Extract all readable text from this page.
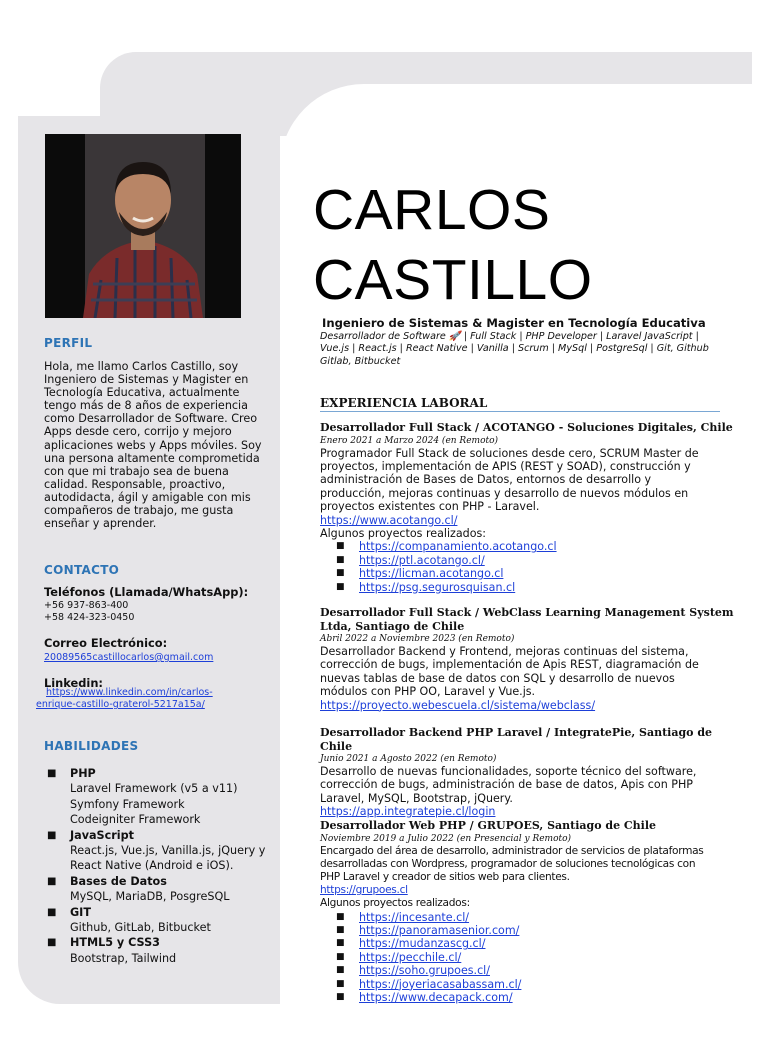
PERFIL
Hola, me llamo Carlos Castillo, soy Ingeniero de Sistemas y Magister en Tecnología Educativa, actualmente tengo más de 8 años de experiencia como Desarrollador de Software. Creo Apps desde cero, corrijo y mejoro aplicaciones webs y Apps móviles. Soy una persona altamente comprometida con que mi trabajo sea de buena calidad. Responsable, proactivo, autodidacta, ágil y amigable con mis compañeros de trabajo, me gusta enseñar y aprender.
CONTACTO
Teléfonos (Llamada/WhatsApp):
+56 937-863-400
+58 424-323-0450
Correo Electrónico:
20089565castillocarlos@gmail.com
Linkedin:
https://www.linkedin.com/in/carlos-
enrique-castillo-graterol-5217a15a/
HABILIDADES
■ PHP
Laravel Framework (v5 a v11)
Symfony Framework
Codeigniter Framework
■ JavaScript
React.js, Vue.js, Vanilla.js, jQuery y React Native (Android e iOS).
■ Bases de Datos
MySQL, MariaDB, PosgreSQL
■ GIT
Github, GitLab, Bitbucket
■ HTML5 y CSS3
Bootstrap, Tailwind
CARLOS
CASTILLO
Ingeniero de Sistemas & Magister en Tecnología Educativa
Desarrollador de Software 🚀 | Full Stack | PHP Developer | Laravel JavaScript | Vue.js | React.js | React Native | Vanilla | Scrum | MySql | PostgreSql | Git, Github Gitlab, Bitbucket
EXPERIENCIA LABORAL
Desarrollador Full Stack / ACOTANGO - Soluciones Digitales, Chile
Enero 2021 a Marzo 2024 (en Remoto)
Programador Full Stack de soluciones desde cero, SCRUM Master de proyectos, implementación de APIS (REST y SOAD), construcción y administración de Bases de Datos, entornos de desarrollo y producción, mejoras continuas y desarrollo de nuevos módulos en proyectos existentes con PHP - Laravel.
https://www.acotango.cl/
Algunos proyectos realizados:
■ https://companamiento.acotango.cl
■ https://ptl.acotango.cl/
■ https://licman.acotango.cl
■ https://psg.segurosquisan.cl
Desarrollador Full Stack / WebClass Learning Management System Ltda, Santiago de Chile
Abril 2022 a Noviembre 2023 (en Remoto)
Desarrollador Backend y Frontend, mejoras continuas del sistema, corrección de bugs, implementación de Apis REST, diagramación de nuevas tablas de base de datos con SQL y desarrollo de nuevos módulos con PHP OO, Laravel y Vue.js.
https://proyecto.webescuela.cl/sistema/webclass/
Desarrollador Backend PHP Laravel / IntegratePie, Santiago de Chile
Junio 2021 a Agosto 2022 (en Remoto)
Desarrollo de nuevas funcionalidades, soporte técnico del software, corrección de bugs, administración de base de datos, Apis con PHP Laravel, MySQL, Bootstrap, jQuery.
https://app.integratepie.cl/login
Desarrollador Web PHP / GRUPOES, Santiago de Chile
Noviembre 2019 a Julio 2022 (en Presencial y Remoto)
Encargado del área de desarrollo, administrador de servicios de plataformas desarrolladas con Wordpress, programador de soluciones tecnológicas con PHP Laravel y creador de sitios web para clientes.
https://grupoes.cl
Algunos proyectos realizados:
■ https://incesante.cl/
■ https://panoramasenior.com/
■ https://mudanzascg.cl/
■ https://pecchile.cl/
■ https://soho.grupoes.cl/
■ https://joyeriacasabassam.cl/
■ https://www.decapack.com/
